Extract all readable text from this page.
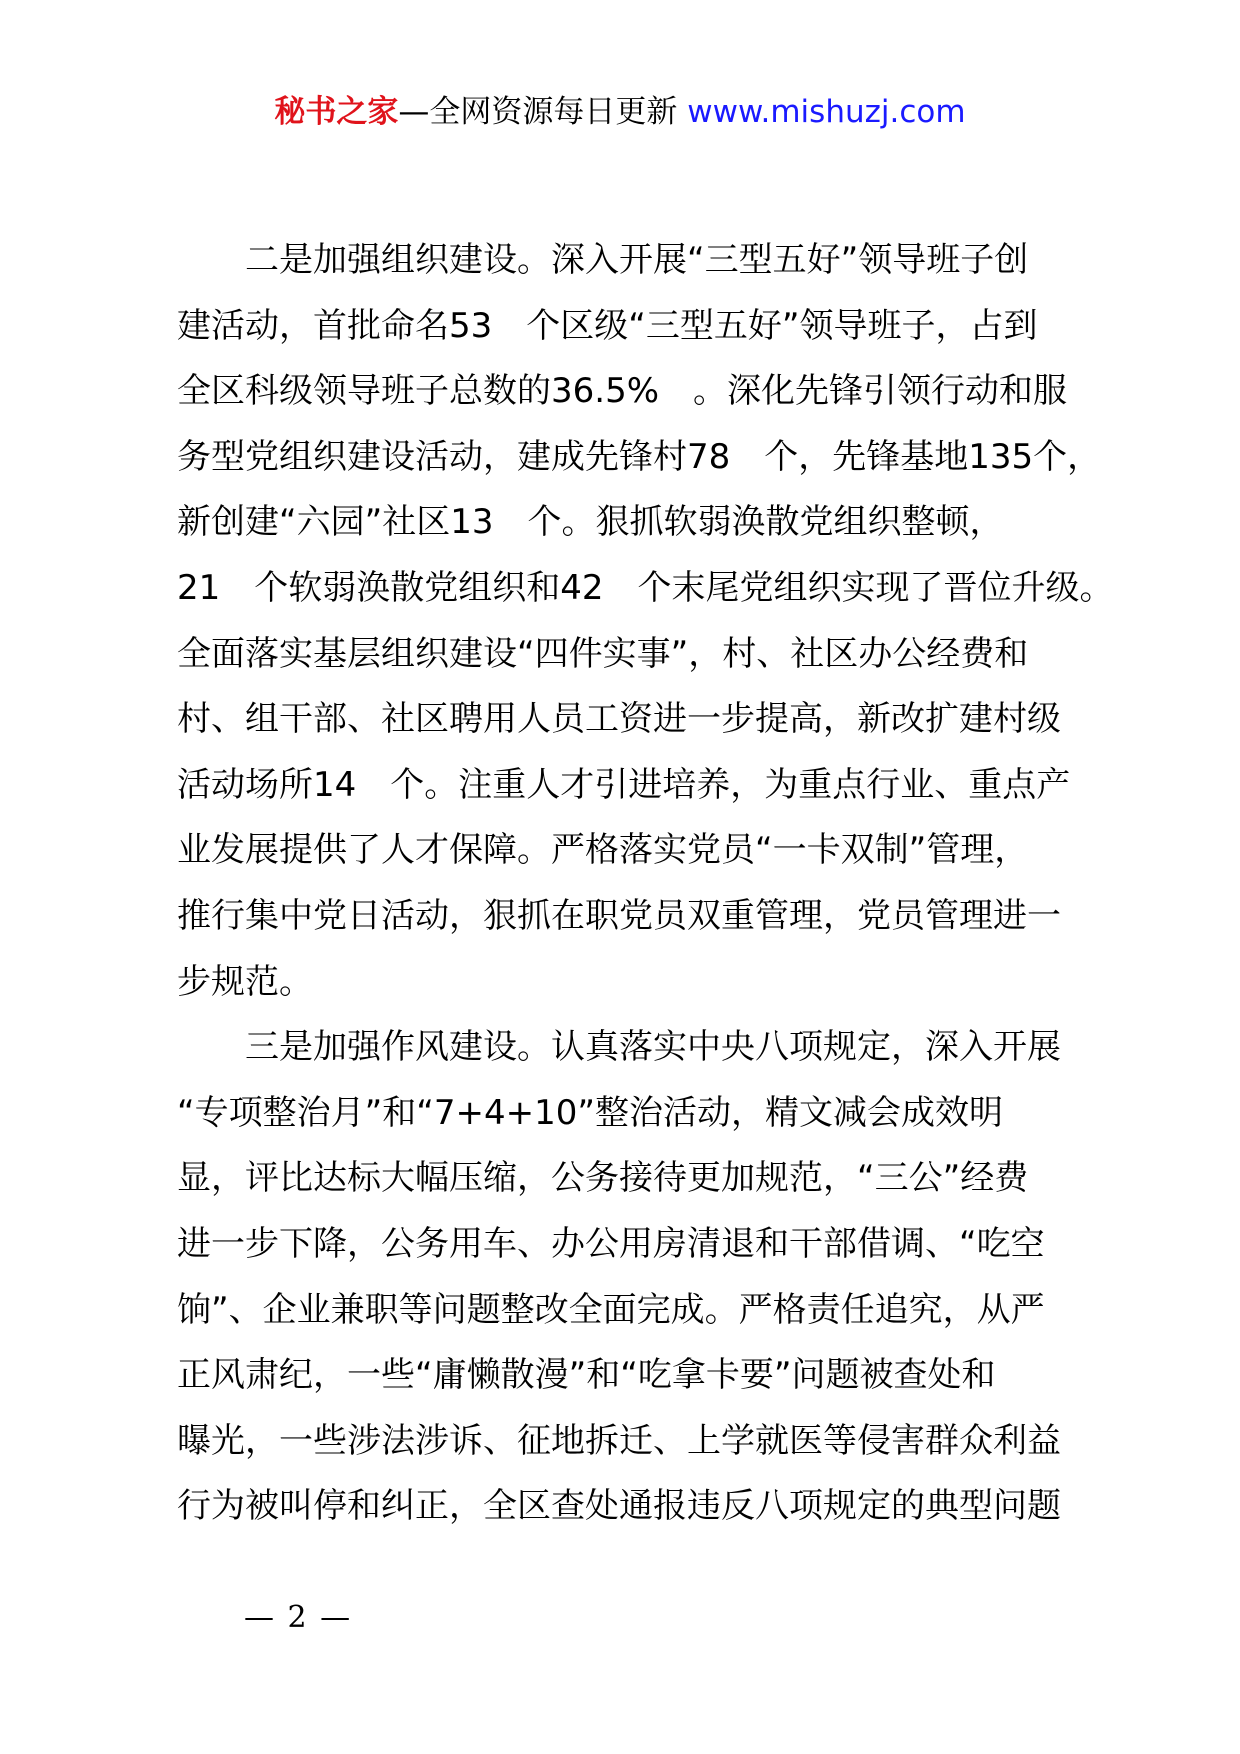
秘书之家—全网资源每日更新 www.mishuzj.com

　　二是加强组织建设。深入开展“三型五好”领导班子创

建活动，首批命名53　个区级“三型五好”领导班子，占到

全区科级领导班子总数的36.5%　。深化先锋引领行动和服

务型党组织建设活动，建成先锋村78　个，先锋基地135个，

新创建“六园”社区13　个。狠抓软弱涣散党组织整顿，

21　个软弱涣散党组织和42　个末尾党组织实现了晋位升级。

全面落实基层组织建设“四件实事”，村、社区办公经费和

村、组干部、社区聘用人员工资进一步提高，新改扩建村级

活动场所14　个。注重人才引进培养，为重点行业、重点产

业发展提供了人才保障。严格落实党员“一卡双制”管理，

推行集中党日活动，狠抓在职党员双重管理，党员管理进一

步规范。

　　三是加强作风建设。认真落实中央八项规定，深入开展

“专项整治月”和“7+4+10”整治活动，精文减会成效明

显，评比达标大幅压缩，公务接待更加规范，“三公”经费

进一步下降，公务用车、办公用房清退和干部借调、“吃空

饷”、企业兼职等问题整改全面完成。严格责任追究，从严

正风肃纪，一些“庸懒散漫”和“吃拿卡要”问题被查处和

曝光，一些涉法涉诉、征地拆迁、上学就医等侵害群众利益

行为被叫停和纠正，全区查处通报违反八项规定的典型问题

— 2 —
